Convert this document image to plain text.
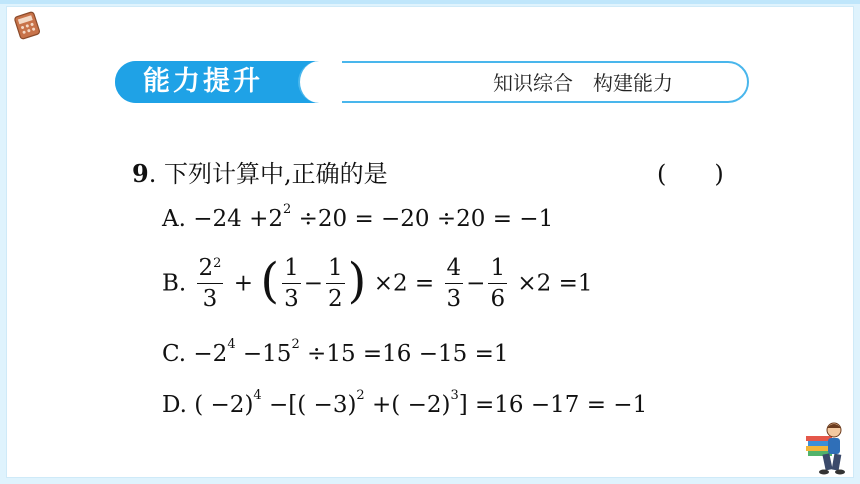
能力提升	知识综合　构建能力
9. 下列计算中,正确的是	(　　)
A. $-24 +2^2 \div 20 = -20 \div 20 = -1$
B. $\frac{2^2}{3}$ + ( $\frac{1}{3} - \frac{1}{2}$ ) $\times 2 = \frac{4}{3} - \frac{1}{6} \times 2 =1$
C. $-2^4 -15^2 \div 15 =16 -15 =1$
D. ( −2)$^4$ −[( −3)$^2$ +( −2)$^3$] =16 −17 = −1
